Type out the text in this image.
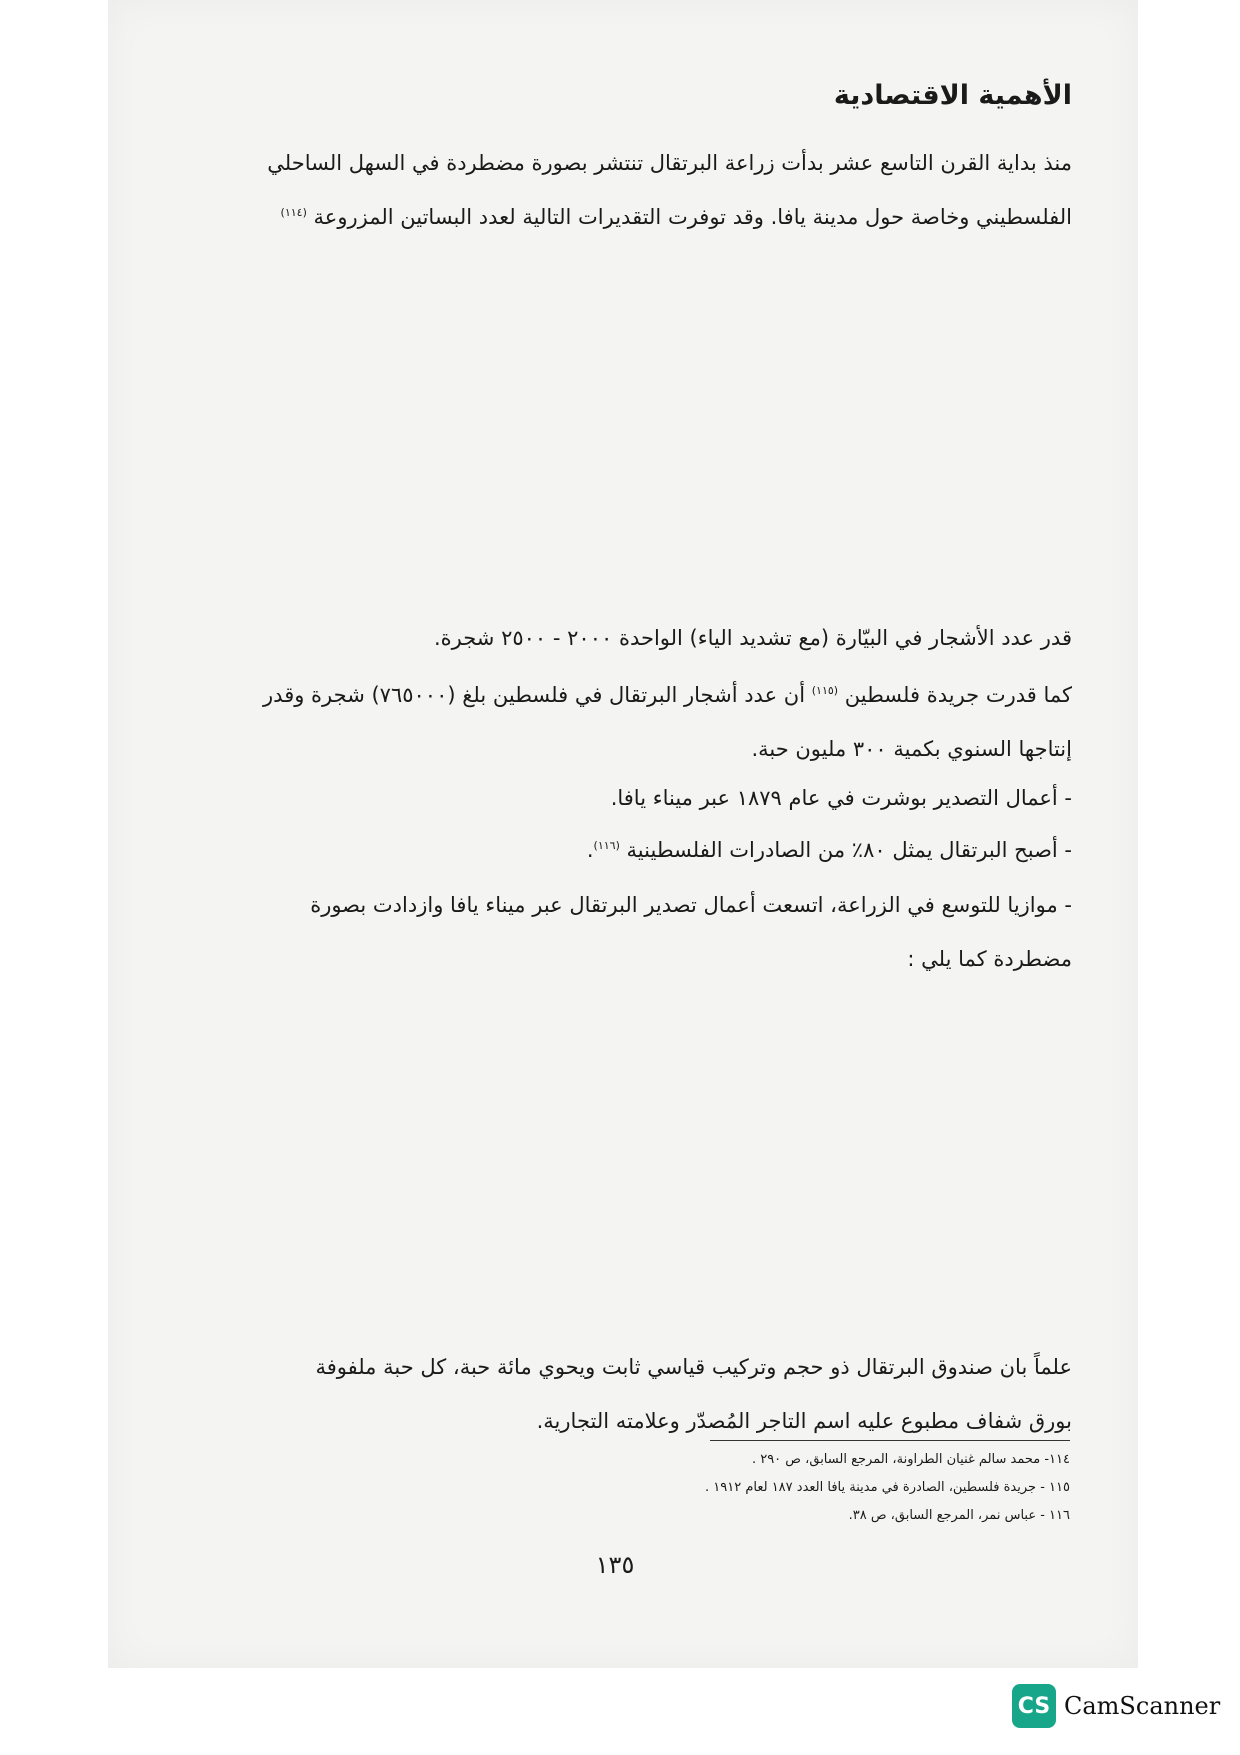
الأهمية الاقتصادية
منذ بداية القرن التاسع عشر بدأت زراعة البرتقال تنتشر بصورة مضطردة في السهل الساحلي
الفلسطيني وخاصة حول مدينة يافا. وقد توفرت التقديرات التالية لعدد البساتين المزروعة $^{(١١٤)}$
قدر عدد الأشجار في البيّارة (مع تشديد الياء) الواحدة ٢٠٠٠ - ٢٥٠٠ شجرة.
كما قدرت جريدة فلسطين $^{(١١٥)}$ أن عدد أشجار البرتقال في فلسطين بلغ (٧٦٥٠٠٠) شجرة وقدر
إنتاجها السنوي بكمية ٣٠٠ مليون حبة.
- أعمال التصدير بوشرت في عام ١٨٧٩ عبر ميناء يافا.
- أصبح البرتقال يمثل ٨٠٪ من الصادرات الفلسطينية $^{(١١٦)}$.
- موازيا للتوسع في الزراعة، اتسعت أعمال تصدير البرتقال عبر ميناء يافا وازدادت بصورة
مضطردة كما يلي :
علماً بان صندوق البرتقال ذو حجم وتركيب قياسي ثابت ويحوي مائة حبة، كل حبة ملفوفة
بورق شفاف مطبوع عليه اسم التاجر المُصدّر وعلامته التجارية.
١١٤- محمد سالم غنيان الطراونة، المرجع السابق، ص ٢٩٠ .
١١٥ - جريدة فلسطين، الصادرة في مدينة يافا العدد ١٨٧ لعام ١٩١٢ .
١١٦ - عباس نمر، المرجع السابق، ص ٣٨.
١٣٥
CS CamScanner
